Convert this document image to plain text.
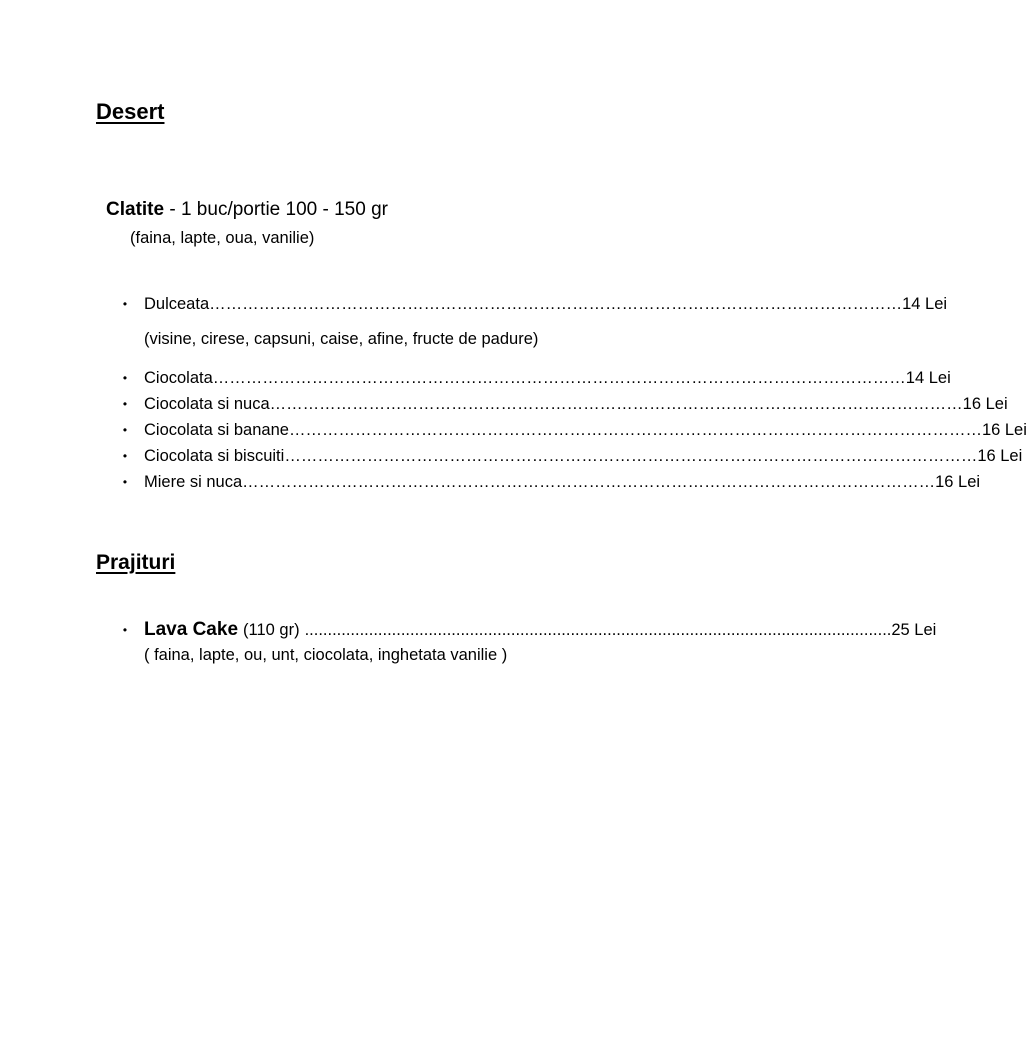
Desert
Clatite - 1 buc/portie 100 - 150 gr
(faina, lapte, oua, vanilie)
• Dulceata ……………………………………………………………………………………………………………… 14 Lei
(visine, cirese, capsuni, caise, afine, fructe de padure)
• Ciocolata ……………………………………………………………………………………………………………… 14 Lei
• Ciocolata si nuca ……………………………………………………………………………………………………………… 16 Lei
• Ciocolata si banane ……………………………………………………………………………………………………………… 16 Lei
• Ciocolata si biscuiti ……………………………………………………………………………………………………………… 16 Lei
• Miere si nuca ……………………………………………………………………………………………………………… 16 Lei
Prajituri
• Lava Cake (110 gr) ................................................................................................................................ 25 Lei
( faina, lapte, ou, unt, ciocolata, inghetata vanilie )
